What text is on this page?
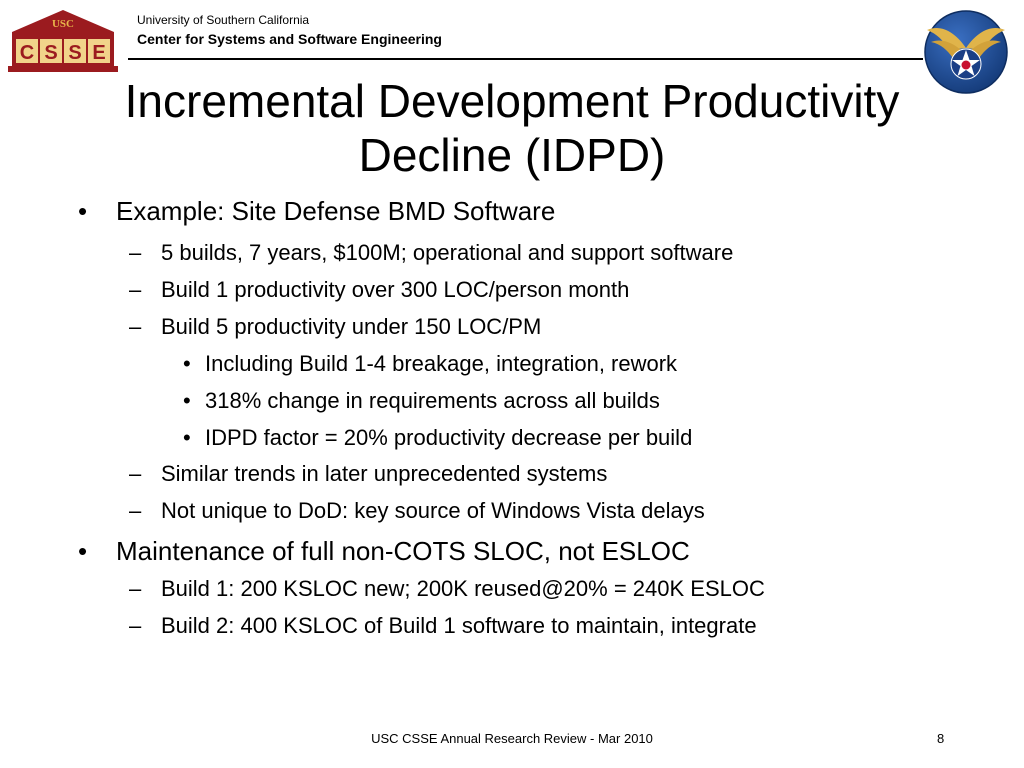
USC
C S S E
University of Southern California
Center for Systems and Software Engineering
Incremental Development Productivity
Decline (IDPD)
• Example: Site Defense BMD Software
– 5 builds, 7 years, $100M; operational and support software
– Build 1 productivity over 300 LOC/person month
– Build 5 productivity under 150 LOC/PM
• Including Build 1-4 breakage, integration, rework
• 318% change in requirements across all builds
• IDPD factor = 20% productivity decrease per build
– Similar trends in later unprecedented systems
– Not unique to DoD: key source of Windows Vista delays
• Maintenance of full non-COTS SLOC, not ESLOC
– Build 1: 200 KSLOC new; 200K reused@20% = 240K ESLOC
– Build 2: 400 KSLOC of Build 1 software to maintain, integrate
USC CSSE Annual Research Review - Mar 2010	8
